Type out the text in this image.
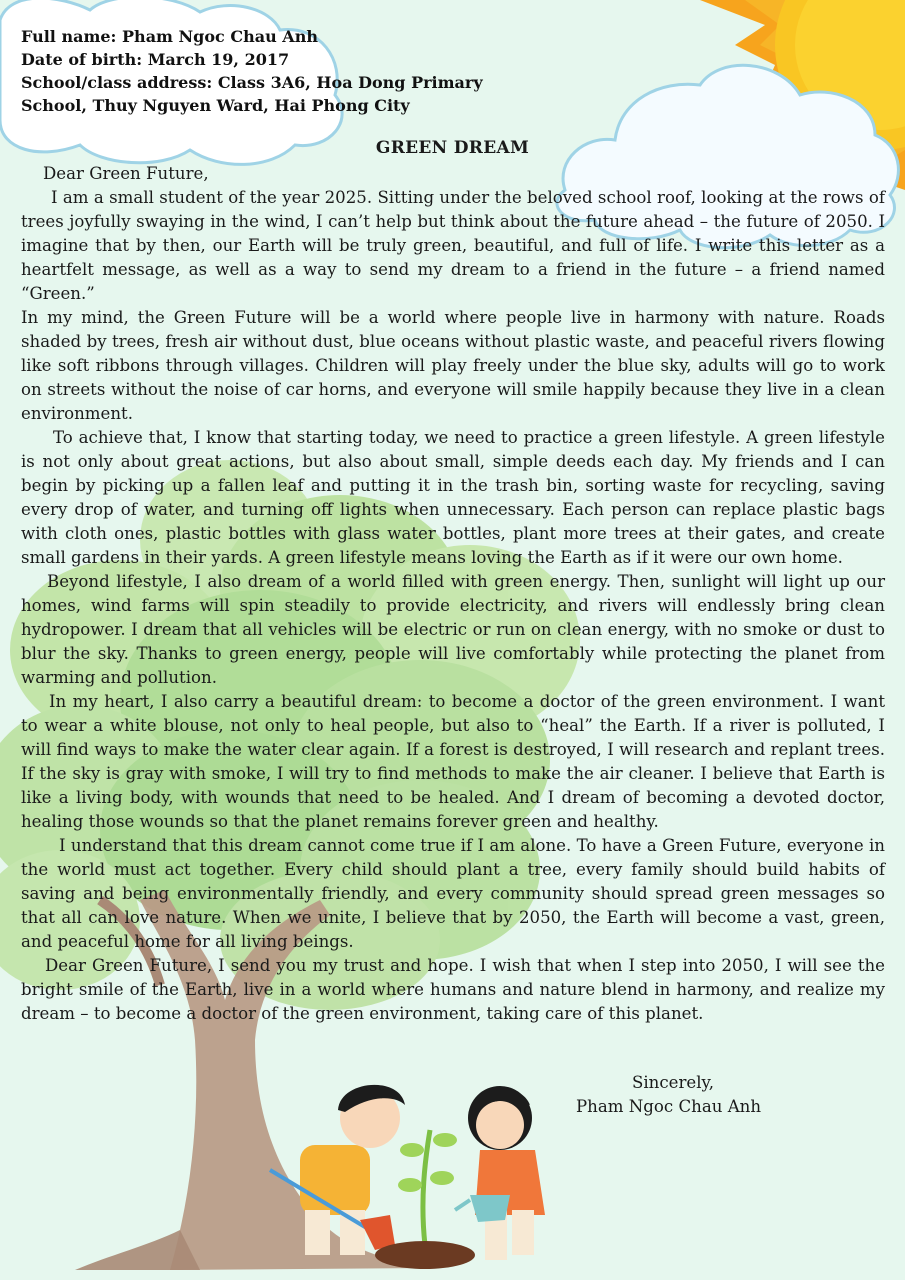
Full name: Pham Ngoc Chau Anh
Date of birth: March 19, 2017
School/class address: Class 3A6, Hoa Dong Primary
School, Thuy Nguyen Ward, Hai Phong City
GREEN DREAM

Dear Green Future,

I am a small student of the year 2025. Sitting under the beloved school roof, looking at the rows of trees joyfully swaying in the wind, I can’t help but think about the future ahead – the future of 2050. I imagine that by then, our Earth will be truly green, beautiful, and full of life. I write this letter as a heartfelt message, as well as a way to send my dream to a friend in the future – a friend named “Green.”

In my mind, the Green Future will be a world where people live in harmony with nature. Roads shaded by trees, fresh air without dust, blue oceans without plastic waste, and peaceful rivers flowing like soft ribbons through villages. Children will play freely under the blue sky, adults will go to work on streets without the noise of car horns, and everyone will smile happily because they live in a clean environment.

To achieve that, I know that starting today, we need to practice a green lifestyle. A green lifestyle is not only about great actions, but also about small, simple deeds each day. My friends and I can begin by picking up a fallen leaf and putting it in the trash bin, sorting waste for recycling, saving every drop of water, and turning off lights when unnecessary. Each person can replace plastic bags with cloth ones, plastic bottles with glass water bottles, plant more trees at their gates, and create small gardens in their yards. A green lifestyle means loving the Earth as if it were our own home.

Beyond lifestyle, I also dream of a world filled with green energy. Then, sunlight will light up our homes, wind farms will spin steadily to provide electricity, and rivers will endlessly bring clean hydropower. I dream that all vehicles will be electric or run on clean energy, with no smoke or dust to blur the sky. Thanks to green energy, people will live comfortably while protecting the planet from warming and pollution.

In my heart, I also carry a beautiful dream: to become a doctor of the green environment. I want to wear a white blouse, not only to heal people, but also to “heal” the Earth. If a river is polluted, I will find ways to make the water clear again. If a forest is destroyed, I will research and replant trees. If the sky is gray with smoke, I will try to find methods to make the air cleaner. I believe that Earth is like a living body, with wounds that need to be healed. And I dream of becoming a devoted doctor, healing those wounds so that the planet remains forever green and healthy.

I understand that this dream cannot come true if I am alone. To have a Green Future, everyone in the world must act together. Every child should plant a tree, every family should build habits of saving and being environmentally friendly, and every community should spread green messages so that all can love nature. When we unite, I believe that by 2050, the Earth will become a vast, green, and peaceful home for all living beings.

Dear Green Future, I send you my trust and hope. I wish that when I step into 2050, I will see the bright smile of the Earth, live in a world where humans and nature blend in harmony, and realize my dream – to become a doctor of the green environment, taking care of this planet.

Sincerely,
Pham Ngoc Chau Anh
